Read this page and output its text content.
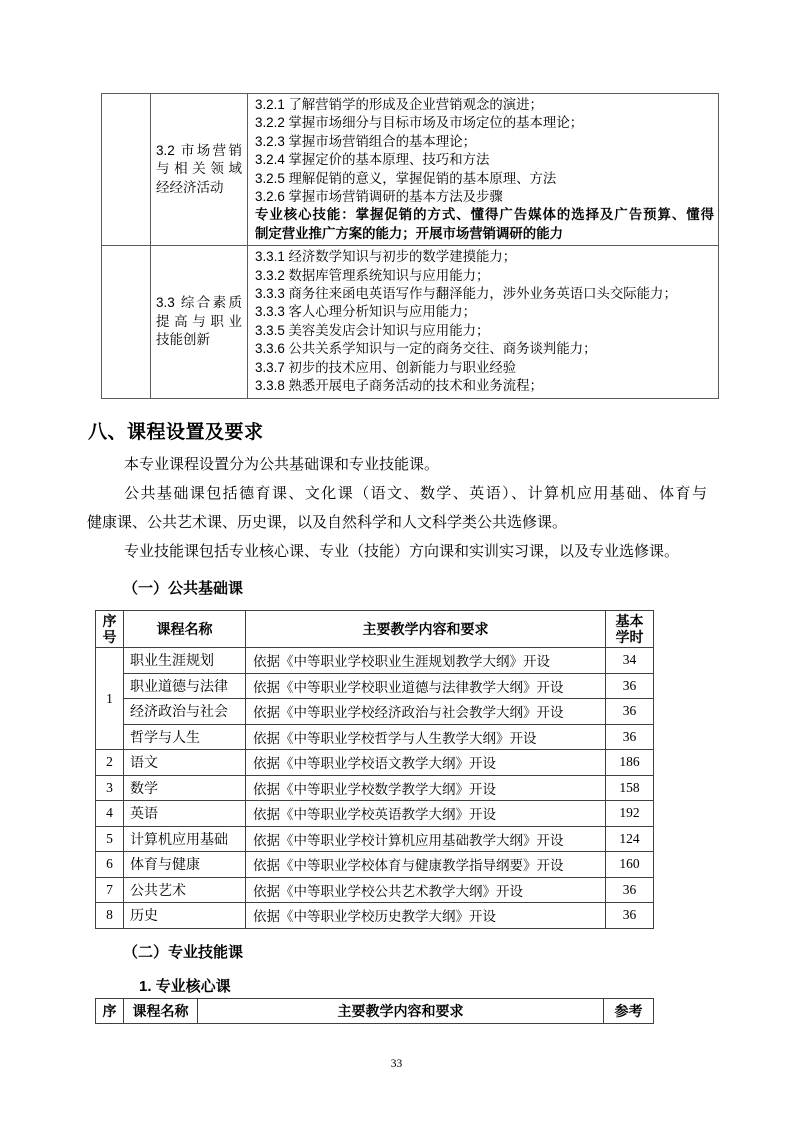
3.2 市场营销
与相关领域
经经济活动

3.2.1 了解营销学的形成及企业营销观念的演进；
3.2.2 掌握市场细分与目标市场及市场定位的基本理论；
3.2.3 掌握市场营销组合的基本理论；
3.2.4 掌握定价的基本原理、技巧和方法
3.2.5 理解促销的意义，掌握促销的基本原理、方法
3.2.6 掌握市场营销调研的基本方法及步骤
专业核心技能：掌握促销的方式、懂得广告媒体的选择及广告预算、懂得
制定营业推广方案的能力；开展市场营销调研的能力

3.3 综合素质
提高与职业
技能创新

3.3.1 经济数学知识与初步的数学建摸能力；
3.3.2 数据库管理系统知识与应用能力；
3.3.3 商务往来函电英语写作与翻泽能力，涉外业务英语口头交际能力；
3.3.3 客人心理分析知识与应用能力；
3.3.5 美容美发店会计知识与应用能力；
3.3.6 公共关系学知识与一定的商务交往、商务谈判能力；
3.3.7 初步的技术应用、创新能力与职业经验
3.3.8 熟悉开展电子商务活动的技术和业务流程；
八、课程设置及要求
本专业课程设置分为公共基础课和专业技能课。
公共基础课包括德育课、文化课（语文、数学、英语）、计算机应用基础、体育与
健康课、公共艺术课、历史课，以及自然科学和人文科学类公共选修课。
专业技能课包括专业核心课、专业（技能）方向课和实训实习课，以及专业选修课。
（一）公共基础课
序号	课程名称	主要教学内容和要求	基本学时
1	职业生涯规划	依据《中等职业学校职业生涯规划教学大纲》开设	34
	职业道德与法律	依据《中等职业学校职业道德与法律教学大纲》开设	36
	经济政治与社会	依据《中等职业学校经济政治与社会教学大纲》开设	36
	哲学与人生	依据《中等职业学校哲学与人生教学大纲》开设	36
2	语文	依据《中等职业学校语文教学大纲》开设	186
3	数学	依据《中等职业学校数学教学大纲》开设	158
4	英语	依据《中等职业学校英语教学大纲》开设	192
5	计算机应用基础	依据《中等职业学校计算机应用基础教学大纲》开设	124
6	体育与健康	依据《中等职业学校体育与健康教学指导纲要》开设	160
7	公共艺术	依据《中等职业学校公共艺术教学大纲》开设	36
8	历史	依据《中等职业学校历史教学大纲》开设	36
（二）专业技能课
1. 专业核心课
序	课程名称	主要教学内容和要求	参考
33
